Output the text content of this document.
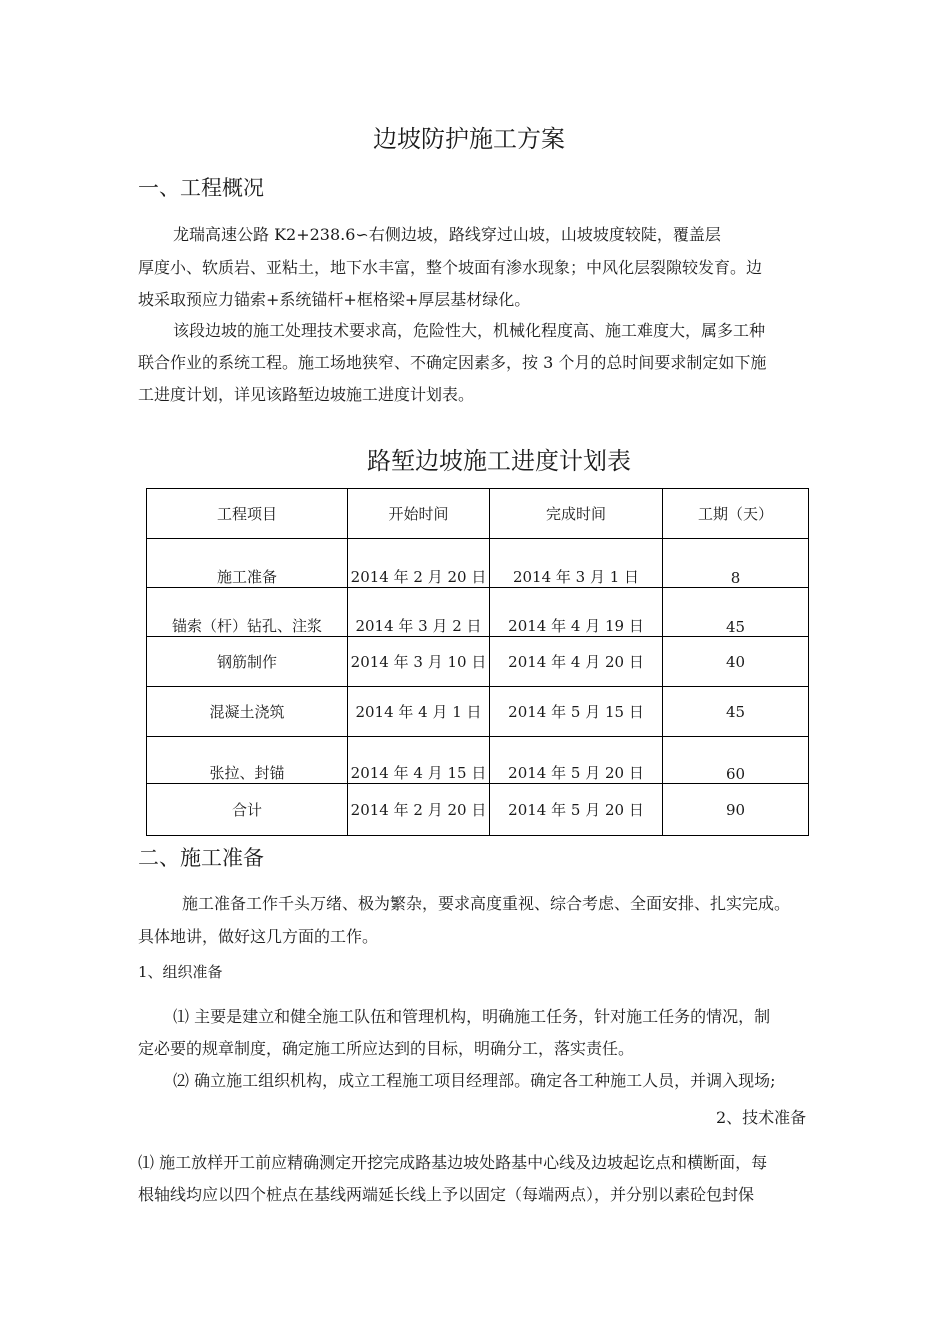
边坡防护施工方案
一、工程概况
龙瑞高速公路 K2+238.6∽右侧边坡，路线穿过山坡，山坡坡度较陡，覆盖层
厚度小、软质岩、亚粘土，地下水丰富，整个坡面有渗水现象；中风化层裂隙较发育。边
坡采取预应力锚索+系统锚杆+框格梁+厚层基材绿化。
该段边坡的施工处理技术要求高，危险性大，机械化程度高、施工难度大，属多工种
联合作业的系统工程。施工场地狭窄、不确定因素多，按 3 个月的总时间要求制定如下施
工进度计划，详见该路堑边坡施工进度计划表。
路堑边坡施工进度计划表
工程项目	开始时间	完成时间	工期（天）
施工准备	2014 年 2 月 20 日	2014 年 3 月 1 日	8
锚索（杆）钻孔、注浆	2014 年 3 月 2 日	2014 年 4 月 19 日	45
钢筋制作	2014 年 3 月 10 日	2014 年 4 月 20 日	40
混凝土浇筑	2014 年 4 月 1 日	2014 年 5 月 15 日	45
张拉、封锚	2014 年 4 月 15 日	2014 年 5 月 20 日	60
合计	2014 年 2 月 20 日	2014 年 5 月 20 日	90
二、施工准备
施工准备工作千头万绪、极为繁杂，要求高度重视、综合考虑、全面安排、扎实完成。
具体地讲，做好这几方面的工作。
1、组织准备
⑴ 主要是建立和健全施工队伍和管理机构，明确施工任务，针对施工任务的情况，制
定必要的规章制度，确定施工所应达到的目标，明确分工，落实责任。
⑵ 确立施工组织机构，成立工程施工项目经理部。确定各工种施工人员，并调入现场;
2、技术准备
⑴ 施工放样开工前应精确测定开挖完成路基边坡处路基中心线及边坡起讫点和横断面，每
根轴线均应以四个桩点在基线两端延长线上予以固定（每端两点），并分别以素砼包封保
